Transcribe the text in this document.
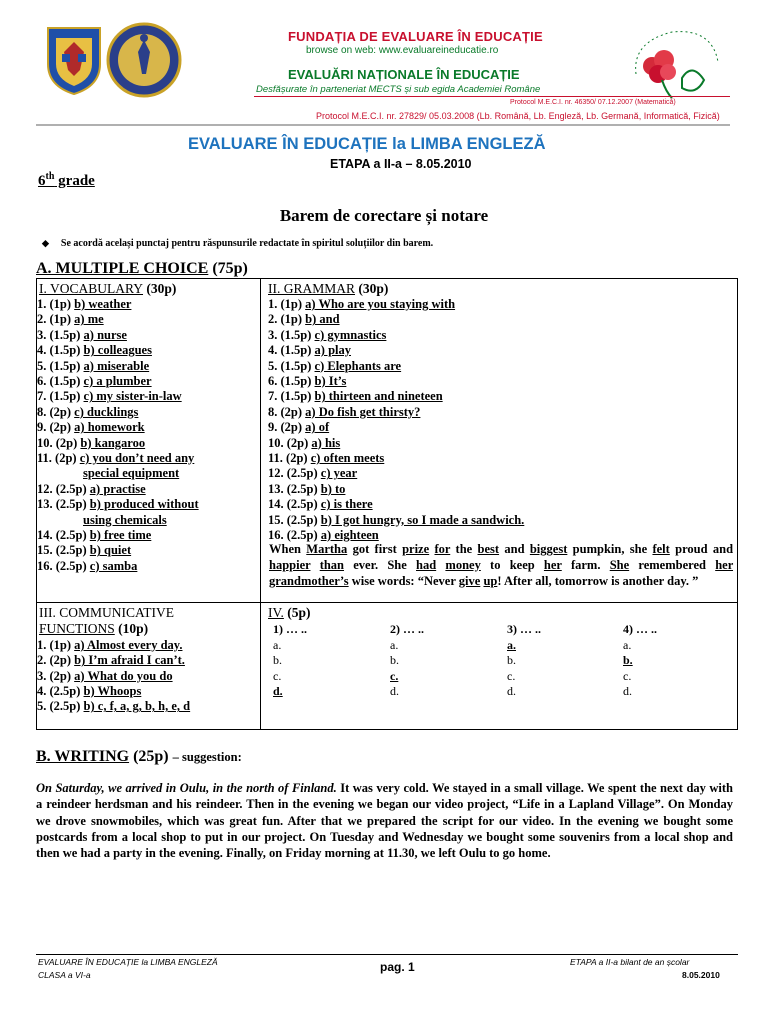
FUNDAȚIA DE EVALUARE ÎN EDUCAȚIE
browse on web: www.evaluareineducatie.ro
EVALUĂRI NAȚIONALE ÎN EDUCAȚIE
Desfășurate în parteneriat MECTS și sub egida Academiei Române
Protocol M.E.C.I. nr. 46350/ 07.12.2007 (Matematică)
Protocol M.E.C.I. nr. 27829/ 05.03.2008 (Lb. Română, Lb. Engleză, Lb. Germană, Informatică, Fizică)
EVALUARE ÎN EDUCAȚIE la LIMBA ENGLEZĂ
ETAPA a II-a – 8.05.2010
6th grade
Barem de corectare și notare
◆ Se acordă același punctaj pentru răspunsurile redactate în spiritul soluțiilor din barem.
A. MULTIPLE CHOICE (75p)
I. VOCABULARY (30p)
1. (1p) b) weather
2. (1p) a) me
3. (1.5p) a) nurse
4. (1.5p) b) colleagues
5. (1.5p) a) miserable
6. (1.5p) c) a plumber
7. (1.5p) c) my sister-in-law
8. (2p) c) ducklings
9. (2p) a) homework
10. (2p) b) kangaroo
11. (2p) c) you don’t need any
special equipment
12. (2.5p) a) practise
13. (2.5p) b) produced without
using chemicals
14. (2.5p) b) free time
15. (2.5p) b) quiet
16. (2.5p) c) samba
II. GRAMMAR (30p)
1. (1p) a) Who are you staying with
2. (1p) b) and
3. (1.5p) c) gymnastics
4. (1.5p) a) play
5. (1.5p) c) Elephants are
6. (1.5p) b) It’s
7. (1.5p) b) thirteen and nineteen
8. (2p) a) Do fish get thirsty?
9. (2p) a) of
10. (2p) a) his
11. (2p) c) often meets
12. (2.5p) c) year
13. (2.5p) b) to
14. (2.5p) c) is there
15. (2.5p) b) I got hungry, so I made a sandwich.
16. (2.5p) a) eighteen
When Martha got first prize for the best and biggest pumpkin, she felt proud and happier than ever. She had money to keep her farm. She remembered her grandmother’s wise words: “Never give up! After all, tomorrow is another day. ”
III. COMMUNICATIVE
FUNCTIONS (10p)
1. (1p) a) Almost every day.
2. (2p) b) I’m afraid I can’t.
3. (2p) a) What do you do
4. (2.5p) b) Whoops
5. (2.5p) b) c, f, a, g, b, h, e, d
IV. (5p)
1) … ..
a.
b.
c.
d.
2) … ..
a.
b.
c.
d.
3) … ..
a.
b.
c.
d.
4) … ..
a.
b.
c.
d.
B. WRITING (25p) – suggestion:
On Saturday, we arrived in Oulu, in the north of Finland. It was very cold. We stayed in a small village. We spent the next day with a reindeer herdsman and his reindeer. Then in the evening we began our video project, “Life in a Lapland Village”. On Monday we drove snowmobiles, which was great fun. After that we prepared the script for our video. In the evening we bought some postcards from a local shop to put in our project. On Tuesday and Wednesday we bought some souvenirs from a local shop and then we had a party in the evening. Finally, on Friday morning at 11.30, we left Oulu to go home.
EVALUARE ÎN EDUCAȚIE la LIMBA ENGLEZĂ
CLASA a VI-a
pag. 1	ETAPA a II-a bilant de an școlar
8.05.2010
